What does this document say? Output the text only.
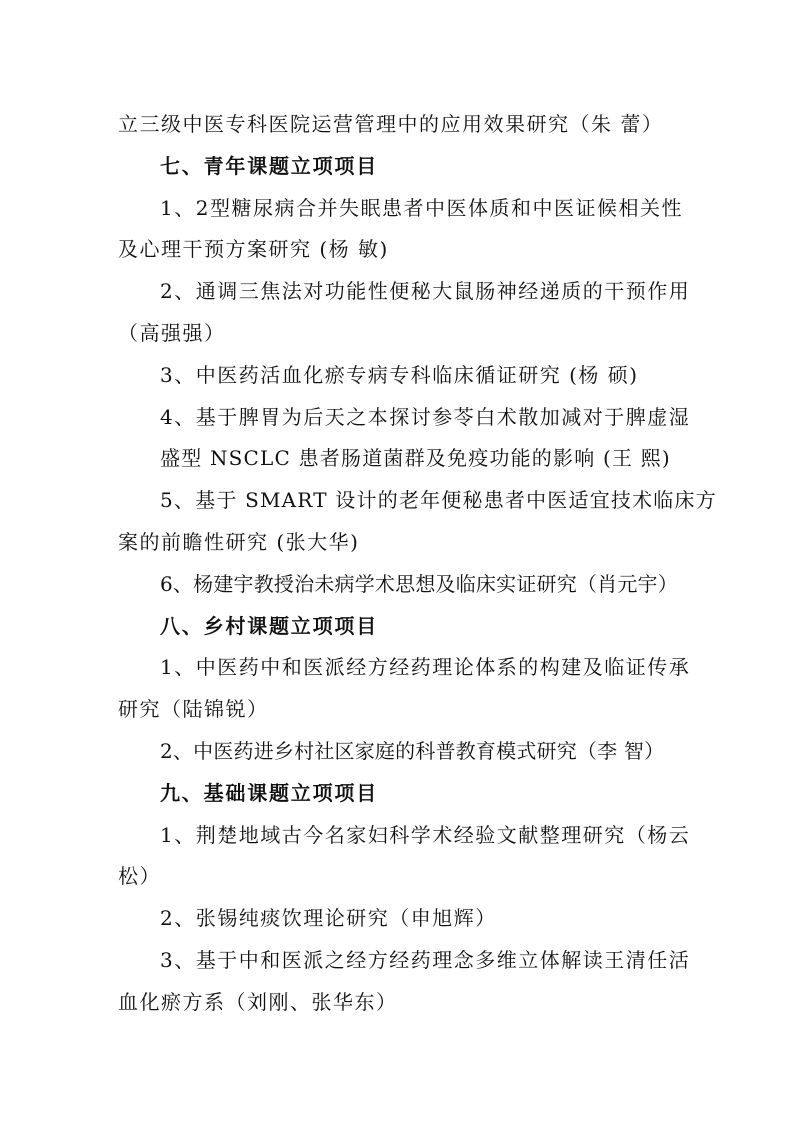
立三级中医专科医院运营管理中的应用效果研究（朱 蕾）

七、青年课题立项项目

1、2型糖尿病合并失眠患者中医体质和中医证候相关性

及心理干预方案研究 (杨 敏)

2、通调三焦法对功能性便秘大鼠肠神经递质的干预作用

（高强强）

3、中医药活血化瘀专病专科临床循证研究 (杨 硕)

4、基于脾胃为后天之本探讨参苓白术散加减对于脾虚湿

盛型 NSCLC 患者肠道菌群及免疫功能的影响 (王 熙)

5、基于 SMART 设计的老年便秘患者中医适宜技术临床方

案的前瞻性研究 (张大华)

6、杨建宇教授治未病学术思想及临床实证研究（肖元宇）

八、乡村课题立项项目

1、中医药中和医派经方经药理论体系的构建及临证传承

研究（陆锦锐）

2、中医药进乡村社区家庭的科普教育模式研究（李 智）

九、基础课题立项项目

1、荆楚地域古今名家妇科学术经验文献整理研究（杨云

松）

2、张锡纯痰饮理论研究（申旭辉）

3、基于中和医派之经方经药理念多维立体解读王清任活

血化瘀方系（刘刚、张华东）
